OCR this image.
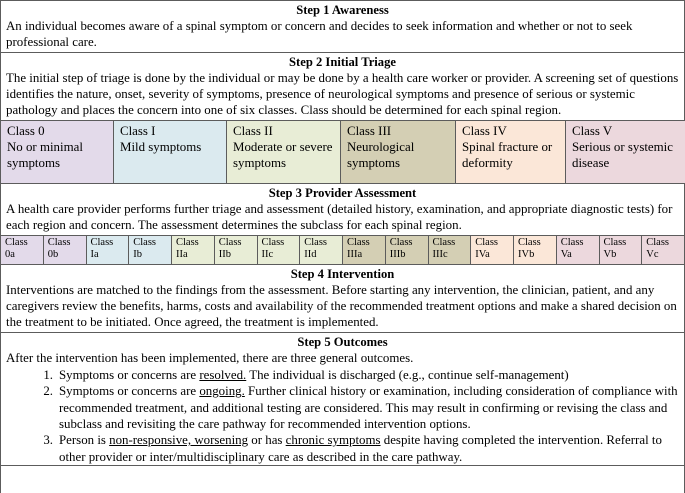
Step 1 Awareness
An individual becomes aware of a spinal symptom or concern and decides to seek information and whether or not to seek professional care.
Step 2 Initial Triage
The initial step of triage is done by the individual or may be done by a health care worker or provider. A screening set of questions identifies the nature, onset, severity of symptoms, presence of neurological symptoms and presence of serious or systemic pathology and places the concern into one of six classes. Class should be determined for each spinal region.
Class 0
No or minimal symptoms
Class I
Mild symptoms
Class II
Moderate or severe symptoms
Class III
Neurological symptoms
Class IV
Spinal fracture or deformity
Class V
Serious or systemic disease
Step 3 Provider Assessment
A health care provider performs further triage and assessment (detailed history, examination, and appropriate diagnostic tests) for each region and concern. The assessment determines the subclass for each spinal region.
Class
0a
Class
0b
Class
Ia
Class
Ib
Class
IIa
Class
IIb
Class
IIc
Class
IId
Class
IIIa
Class
IIIb
Class
IIIc
Class
IVa
Class
IVb
Class
Va
Class
Vb
Class
Vc
Step 4 Intervention
Interventions are matched to the findings from the assessment. Before starting any intervention, the clinician, patient, and any caregivers review the benefits, harms, costs and availability of the recommended treatment options and make a shared decision on the treatment to be initiated. Once agreed, the treatment is implemented.
Step 5 Outcomes
After the intervention has been implemented, there are three general outcomes.
1. Symptoms or concerns are resolved. The individual is discharged (e.g., continue self-management)
2. Symptoms or concerns are ongoing. Further clinical history or examination, including consideration of compliance with recommended treatment, and additional testing are considered. This may result in confirming or revising the class and subclass and revisiting the care pathway for recommended intervention options.
3. Person is non-responsive, worsening or has chronic symptoms despite having completed the intervention. Referral to other provider or inter/multidisciplinary care as described in the care pathway.
